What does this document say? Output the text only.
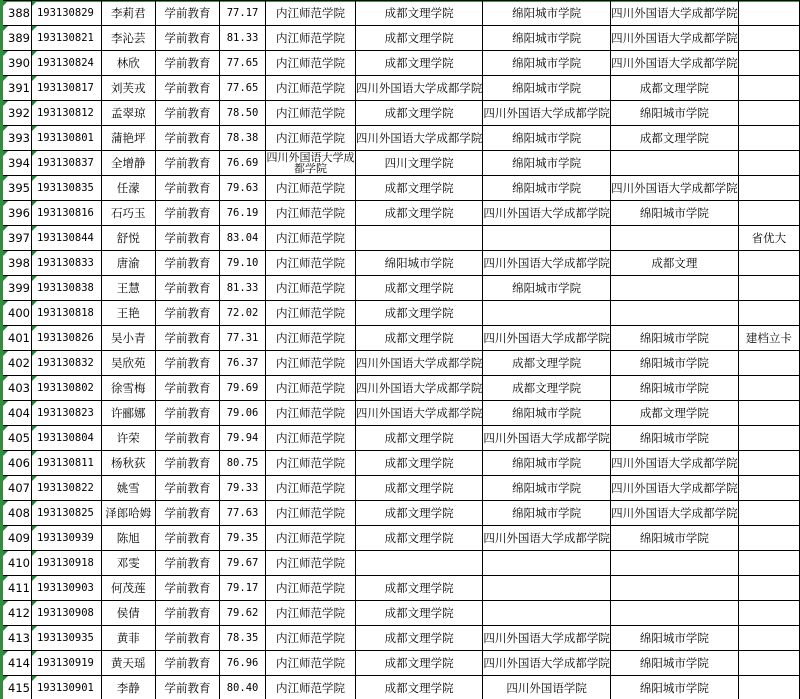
388	193130829	李莉君	学前教育	77.17	内江师范学院	成都文理学院	绵阳城市学院	四川外国语大学成都学院	
389	193130821	李沁芸	学前教育	81.33	内江师范学院	成都文理学院	绵阳城市学院	四川外国语大学成都学院	
390	193130824	林欣	学前教育	77.65	内江师范学院	成都文理学院	绵阳城市学院	四川外国语大学成都学院	
391	193130817	刘芙戎	学前教育	77.65	内江师范学院	四川外国语大学成都学院	绵阳城市学院	成都文理学院	
392	193130812	孟翠琼	学前教育	78.50	内江师范学院	成都文理学院	四川外国语大学成都学院	绵阳城市学院	
393	193130801	蒲艳坪	学前教育	78.38	内江师范学院	四川外国语大学成都学院	绵阳城市学院	成都文理学院	
394	193130837	全增静	学前教育	76.69	四川外国语大学成都学院	四川文理学院	绵阳城市学院		
395	193130835	任濛	学前教育	79.63	内江师范学院	成都文理学院	绵阳城市学院	四川外国语大学成都学院	
396	193130816	石巧玉	学前教育	76.19	内江师范学院	成都文理学院	四川外国语大学成都学院	绵阳城市学院	
397	193130844	舒悦	学前教育	83.04	内江师范学院				省优大
398	193130833	唐渝	学前教育	79.10	内江师范学院	绵阳城市学院	四川外国语大学成都学院	成都文理	
399	193130838	王慧	学前教育	81.33	内江师范学院	成都文理学院	绵阳城市学院		
400	193130818	王艳	学前教育	72.02	内江师范学院	成都文理学院			
401	193130826	吴小青	学前教育	77.31	内江师范学院	成都文理学院	四川外国语大学成都学院	绵阳城市学院	建档立卡
402	193130832	吴欣苑	学前教育	76.37	内江师范学院	四川外国语大学成都学院	成都文理学院	绵阳城市学院	
403	193130802	徐雪梅	学前教育	79.69	内江师范学院	四川外国语大学成都学院	成都文理学院	绵阳城市学院	
404	193130823	许郦娜	学前教育	79.06	内江师范学院	四川外国语大学成都学院	绵阳城市学院	成都文理学院	
405	193130804	许荣	学前教育	79.94	内江师范学院	成都文理学院	四川外国语大学成都学院	绵阳城市学院	
406	193130811	杨秋荻	学前教育	80.75	内江师范学院	成都文理学院	绵阳城市学院	四川外国语大学成都学院	
407	193130822	姚雪	学前教育	79.33	内江师范学院	成都文理学院	绵阳城市学院	四川外国语大学成都学院	
408	193130825	泽郎哈姆	学前教育	77.63	内江师范学院	成都文理学院	绵阳城市学院	四川外国语大学成都学院	
409	193130939	陈旭	学前教育	79.35	内江师范学院	成都文理学院	四川外国语大学成都学院	绵阳城市学院	
410	193130918	邓雯	学前教育	79.67	内江师范学院				
411	193130903	何茂莲	学前教育	79.17	内江师范学院	成都文理学院			
412	193130908	侯倩	学前教育	79.62	内江师范学院	成都文理学院			
413	193130935	黄菲	学前教育	78.35	内江师范学院	成都文理学院	四川外国语大学成都学院	绵阳城市学院	
414	193130919	黄天瑶	学前教育	76.96	内江师范学院	成都文理学院	四川外国语大学成都学院	绵阳城市学院	
415	193130901	李静	学前教育	80.40	内江师范学院	成都文理学院	四川外国语学院	绵阳城市学院	
